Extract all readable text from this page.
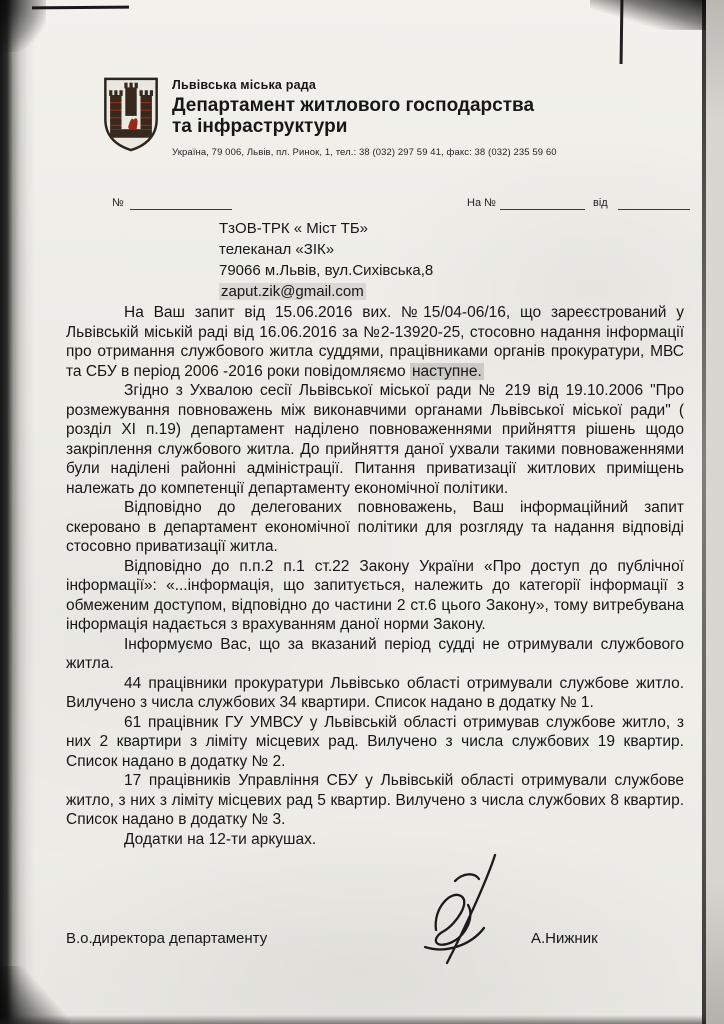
Львівська міська рада
Департамент житлового господарства
та інфраструктури
Україна, 79 006, Львів, пл. Ринок, 1, тел.: 38 (032) 297 59 41, факс: 38 (032) 235 59 60
№	На №	від
ТзОВ-ТРК « Міст ТБ»
телеканал «ЗІК»
79066 м.Львів, вул.Сихівська,8
zaput.zik@gmail.com

На Ваш запит від 15.06.2016 вих. №15/04-06/16, що зареєстрований у Львівській міській раді від 16.06.2016 за №2-13920-25, стосовно надання інформації про отримання службового житла суддями, працівниками органів прокуратури, МВС та СБУ в період 2006 -2016 роки повідомляємо наступне.

Згідно з Ухвалою сесії Львівської міської ради № 219 від 19.10.2006 "Про розмежування повноважень між виконавчими органами Львівської міської ради" ( розділ XI п.19) департамент наділено повноваженнями прийняття рішень щодо закріплення службового житла. До прийняття даної ухвали такими повноваженнями були наділені районні адміністрації. Питання приватизації житлових приміщень належать до компетенції департаменту економічної політики.

Відповідно до делегованих повноважень, Ваш інформаційний запит скеровано в департамент економічної політики для розгляду та надання відповіді стосовно приватизації житла.

Відповідно до п.п.2 п.1 ст.22 Закону України «Про доступ до публічної інформації»: «...інформація, що запитується, належить до категорії інформації з обмеженим доступом, відповідно до частини 2 ст.6 цього Закону», тому витребувана інформація надається з врахуванням даної норми Закону.

Інформуємо Вас, що за вказаний період судді не отримували службового житла.

44 працівники прокуратури Львівсько області отримували службове житло. Вилучено з числа службових 34 квартири. Список надано в додатку № 1.

61 працівник ГУ УМВСУ у Львівській області отримував службове житло, з них 2 квартири з ліміту місцевих рад. Вилучено з числа службових 19 квартир. Список надано в додатку № 2.

17 працівників Управління СБУ у Львівській області отримували службове житло, з них з ліміту місцевих рад 5 квартир. Вилучено з числа службових 8 квартир. Список надано в додатку № 3.

Додатки на 12-ти аркушах.

В.о.директора департаменту	А.Нижник
